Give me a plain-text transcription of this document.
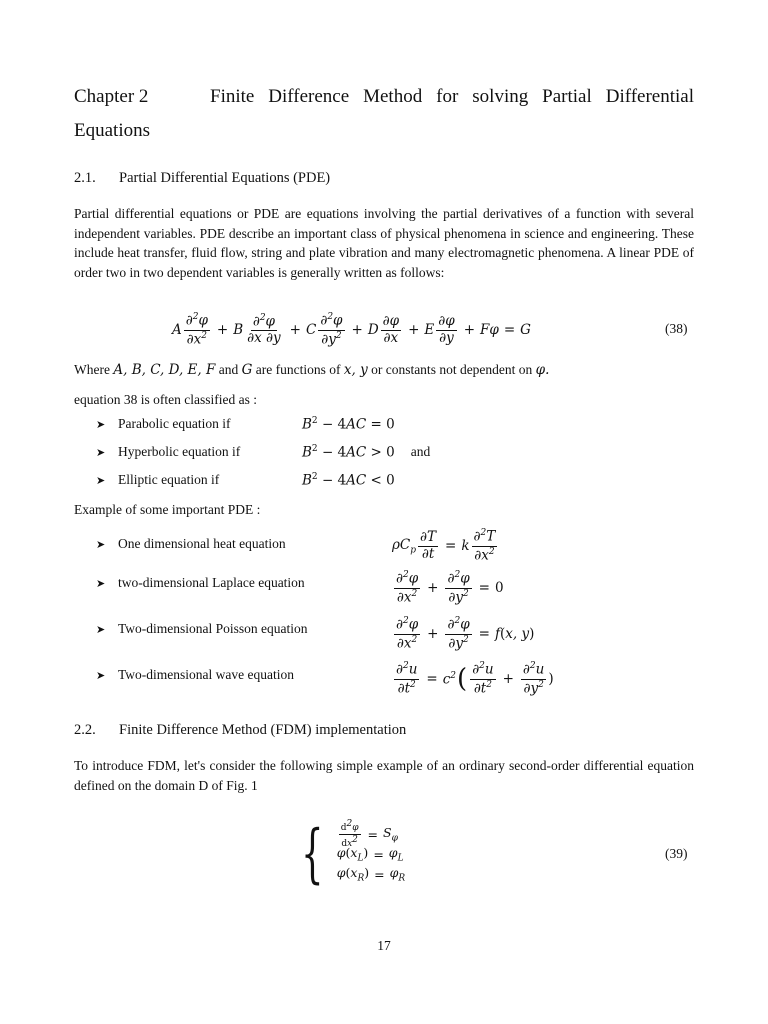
Chapter 2	Finite Difference Method for solving Partial Differential
Equations
2.1. Partial Differential Equations (PDE)
Partial differential equations or PDE are equations involving the partial derivatives of a function with several independent variables. PDE describe an important class of physical phenomena in science and engineering. These include heat transfer, fluid flow, string and plate vibration and many electromagnetic phenomena. A linear PDE of order two in two dependent variables is generally written as follows:
A $\frac{\partial^2\varphi}{\partial x^2} + B \frac{\partial^2\varphi}{\partial x \partial y} + C \frac{\partial^2\varphi}{\partial y^2} + D \frac{\partial\varphi}{\partial x} + E \frac{\partial\varphi}{\partial y} + F\varphi = G$	(38)
Where A, B, C, D, E, F and G are functions of x, y or constants not dependent on φ.
equation 38 is often classified as :
➤ Parabolic equation if	$B^2 - 4AC = 0$
➤ Hyperbolic equation if	$B^2 - 4AC > 0$ and
➤ Elliptic equation if	$B^2 - 4AC < 0$
Example of some important PDE :
➤ One dimensional heat equation	$\rho C_p \frac{\partial T}{\partial t} = k \frac{\partial^2T}{\partial x^2}$
➤ two-dimensional Laplace equation	$\frac{\partial^2\varphi}{\partial x^2} + \frac{\partial^2\varphi}{\partial y^2} = 0$
➤ Two-dimensional Poisson equation	$\frac{\partial^2\varphi}{\partial x^2} + \frac{\partial^2\varphi}{\partial y^2} = f(x$, y)
➤ Two-dimensional wave equation	$\frac{\partial^2u}{\partial t^2} = c^2$ ( $\frac{\partial^2u}{\partial t^2} + \frac{\partial^2u}{\partial y^2}$ )
2.2. Finite Difference Method (FDM) implementation
To introduce FDM, let's consider the following simple example of an ordinary second-order differential equation defined on the domain D of Fig. 1
{ $\frac{d^2\varphi}{dx^2} = S_\varphi$
$\varphi(x_L) = \varphi_L$
$\varphi(x_R) = \varphi_R$
(39)
17
